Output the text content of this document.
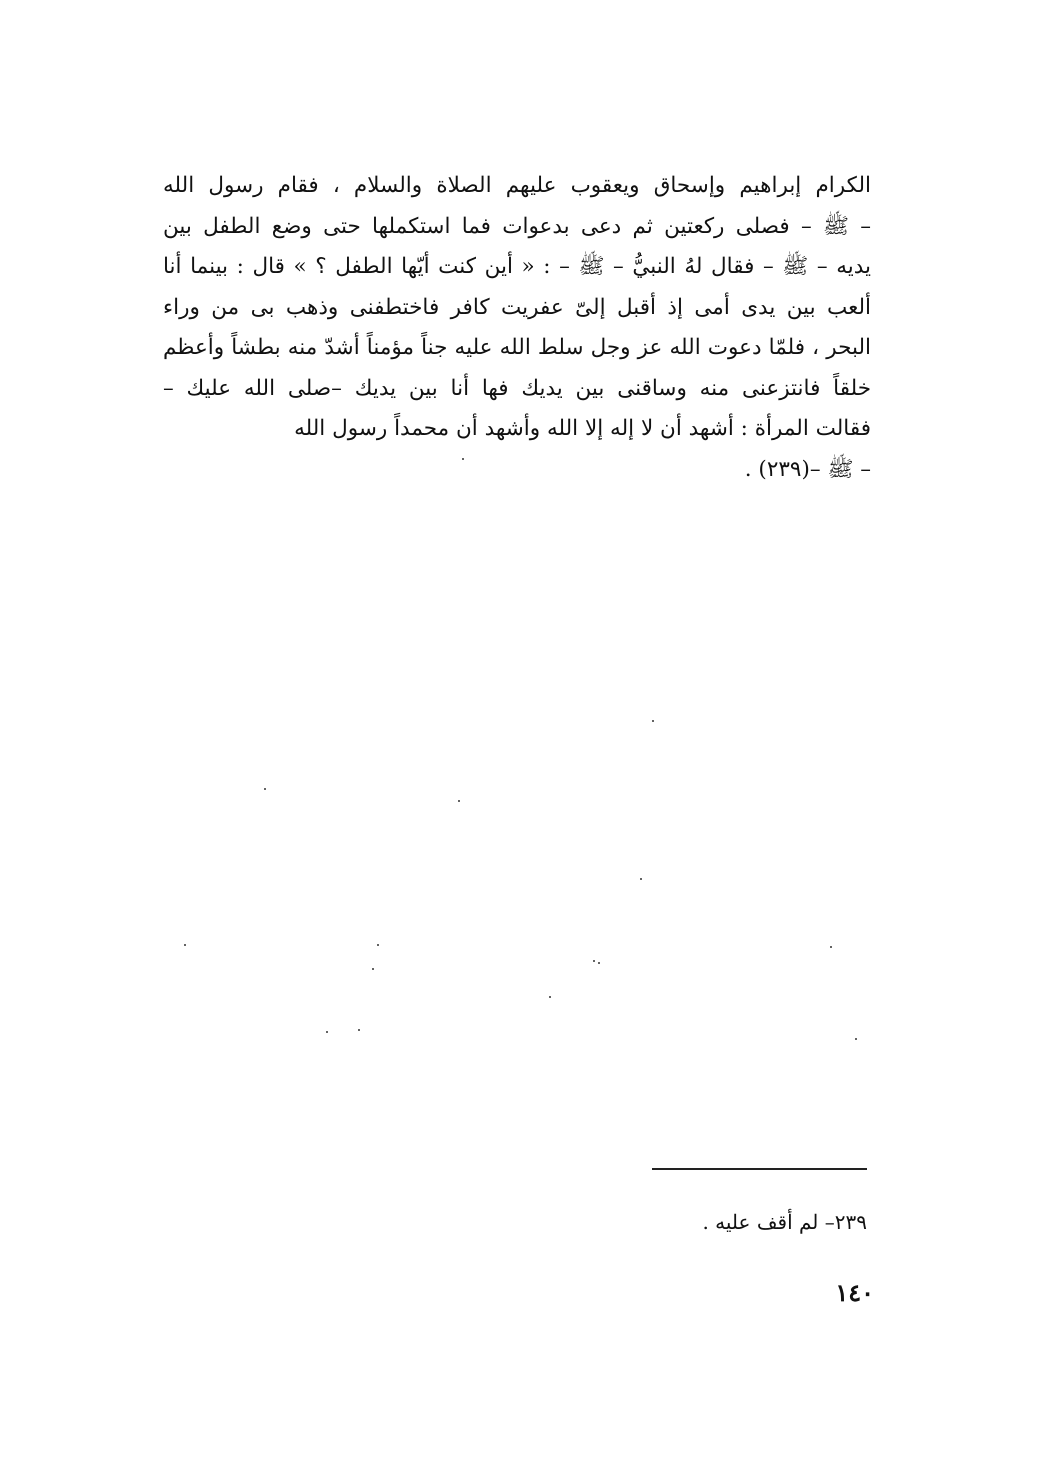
الكرام إبراهيم وإسحاق ويعقوب عليهم الصلاة والسلام ، فقام رسول الله
– ﷺ – فصلى ركعتين ثم دعى بدعوات فما استكملها حتى وضع الطفل بين
يديه – ﷺ – فقال لهُ النبيُّ – ﷺ – : « أين كنت أيّها الطفل ؟ » قال : بينما أنا
ألعب بين يدى أمى إذ أقبل إلىّ عفريت كافر فاختطفنى وذهب بى من وراء
البحر ، فلمّا دعوت الله عز وجل سلط الله عليه جناً مؤمناً أشدّ منه بطشاً وأعظم
خلقاً فانتزعنى منه وساقنى بين يديك فها أنا بين يديك –صلى الله عليك –
فقالت المرأة : أشهد أن لا إله إلا الله وأشهد أن محمداً رسول الله
– ﷺ –(٢٣٩) .
٢٣٩– لم أقف عليه .
١٤٠
